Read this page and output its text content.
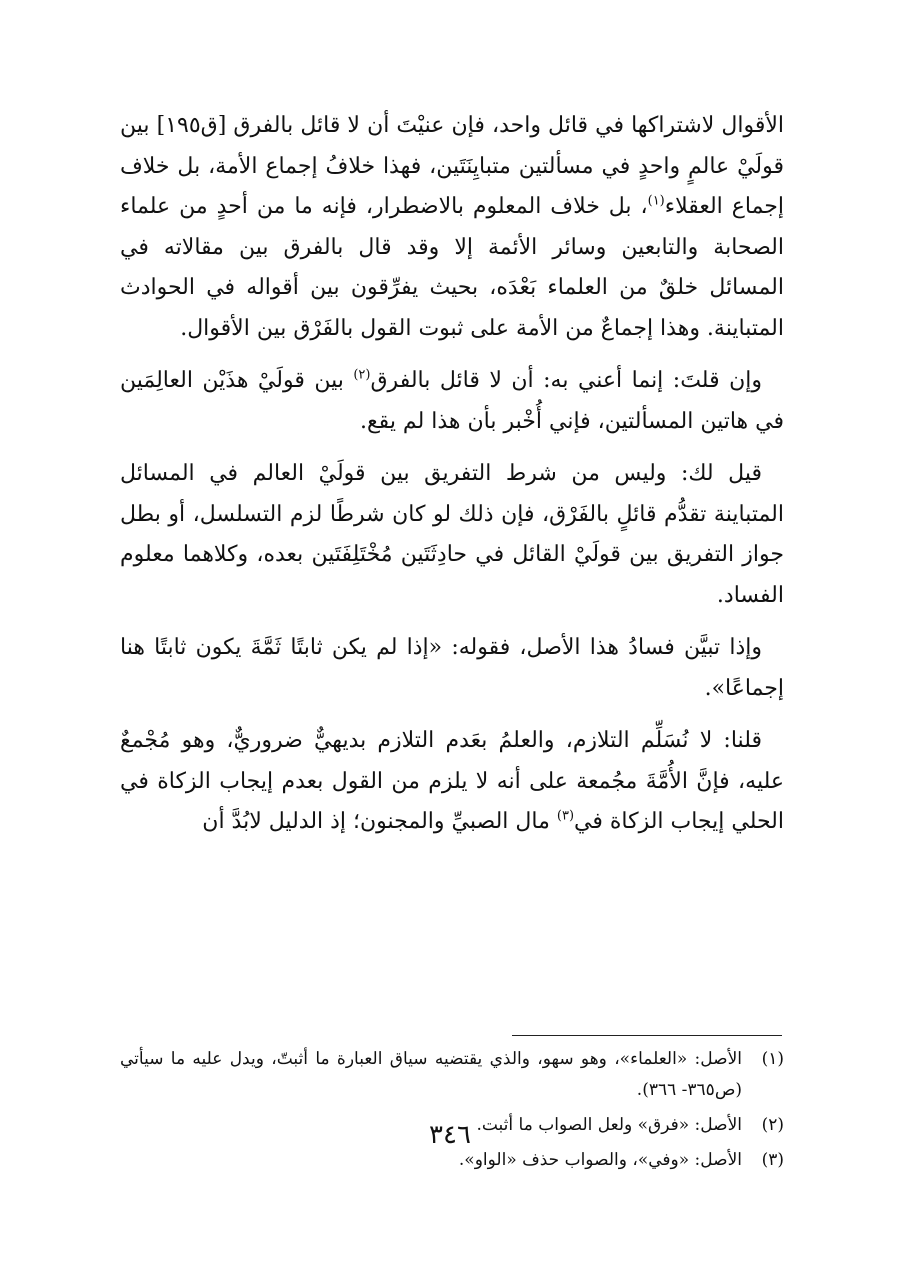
الأقوال لاشتراكها في قائل واحد، فإن عنيْتَ أن لا قائل بالفرق [ق١٩٥] بين قولَيْ عالمٍ واحدٍ في مسألتين متبايِنَتَين، فهذا خلافُ إجماع الأمة، بل خلاف إجماع العقلاء$^{(١)}$، بل خلاف المعلوم بالاضطرار، فإنه ما من أحدٍ من علماء الصحابة والتابعين وسائر الأئمة إلا وقد قال بالفرق بين مقالاته في المسائل خلقٌ من العلماء بَعْدَه، بحيث يفرِّقون بين أقواله في الحوادث المتباينة. وهذا إجماعٌ من الأمة على ثبوت القول بالفَرْق بين الأقوال.

وإن قلتَ: إنما أعني به: أن لا قائل بالفرق$^{(٢)}$ بين قولَيْ هذَيْن العالِمَين في هاتين المسألتين، فإني أُخْبر بأن هذا لم يقع.

قيل لك: وليس من شرط التفريق بين قولَيْ العالم في المسائل المتباينة تقدُّم قائلٍ بالفَرْق، فإن ذلك لو كان شرطًا لزم التسلسل، أو بطل جواز التفريق بين قولَيْ القائل في حادِثَتَين مُخْتَلِفَتَين بعده، وكلاهما معلوم الفساد.

وإذا تبيَّن فسادُ هذا الأصل، فقوله: «إذا لم يكن ثابتًا ثَمَّةَ يكون ثابتًا هنا إجماعًا».

قلنا: لا نُسَلِّم التلازم، والعلمُ بعَدم التلازم بديهيٌّ ضروريٌّ، وهو مُجْمعٌ عليه، فإنَّ الأُمَّةَ مجُمعة على أنه لا يلزم من القول بعدم إيجاب الزكاة في الحلي إيجاب الزكاة في$^{(٣)}$ مال الصبيِّ والمجنون؛ إذ الدليل لابُدَّ أن

(١)
الأصل: «العلماء»، وهو سهو، والذي يقتضيه سياق العبارة ما أثبتّ، ويدل عليه ما سيأتي (ص٣٦٥- ٣٦٦).

(٢)
الأصل: «فرق» ولعل الصواب ما أثبت.

(٣)
الأصل: «وفي»، والصواب حذف «الواو».

٣٤٦
